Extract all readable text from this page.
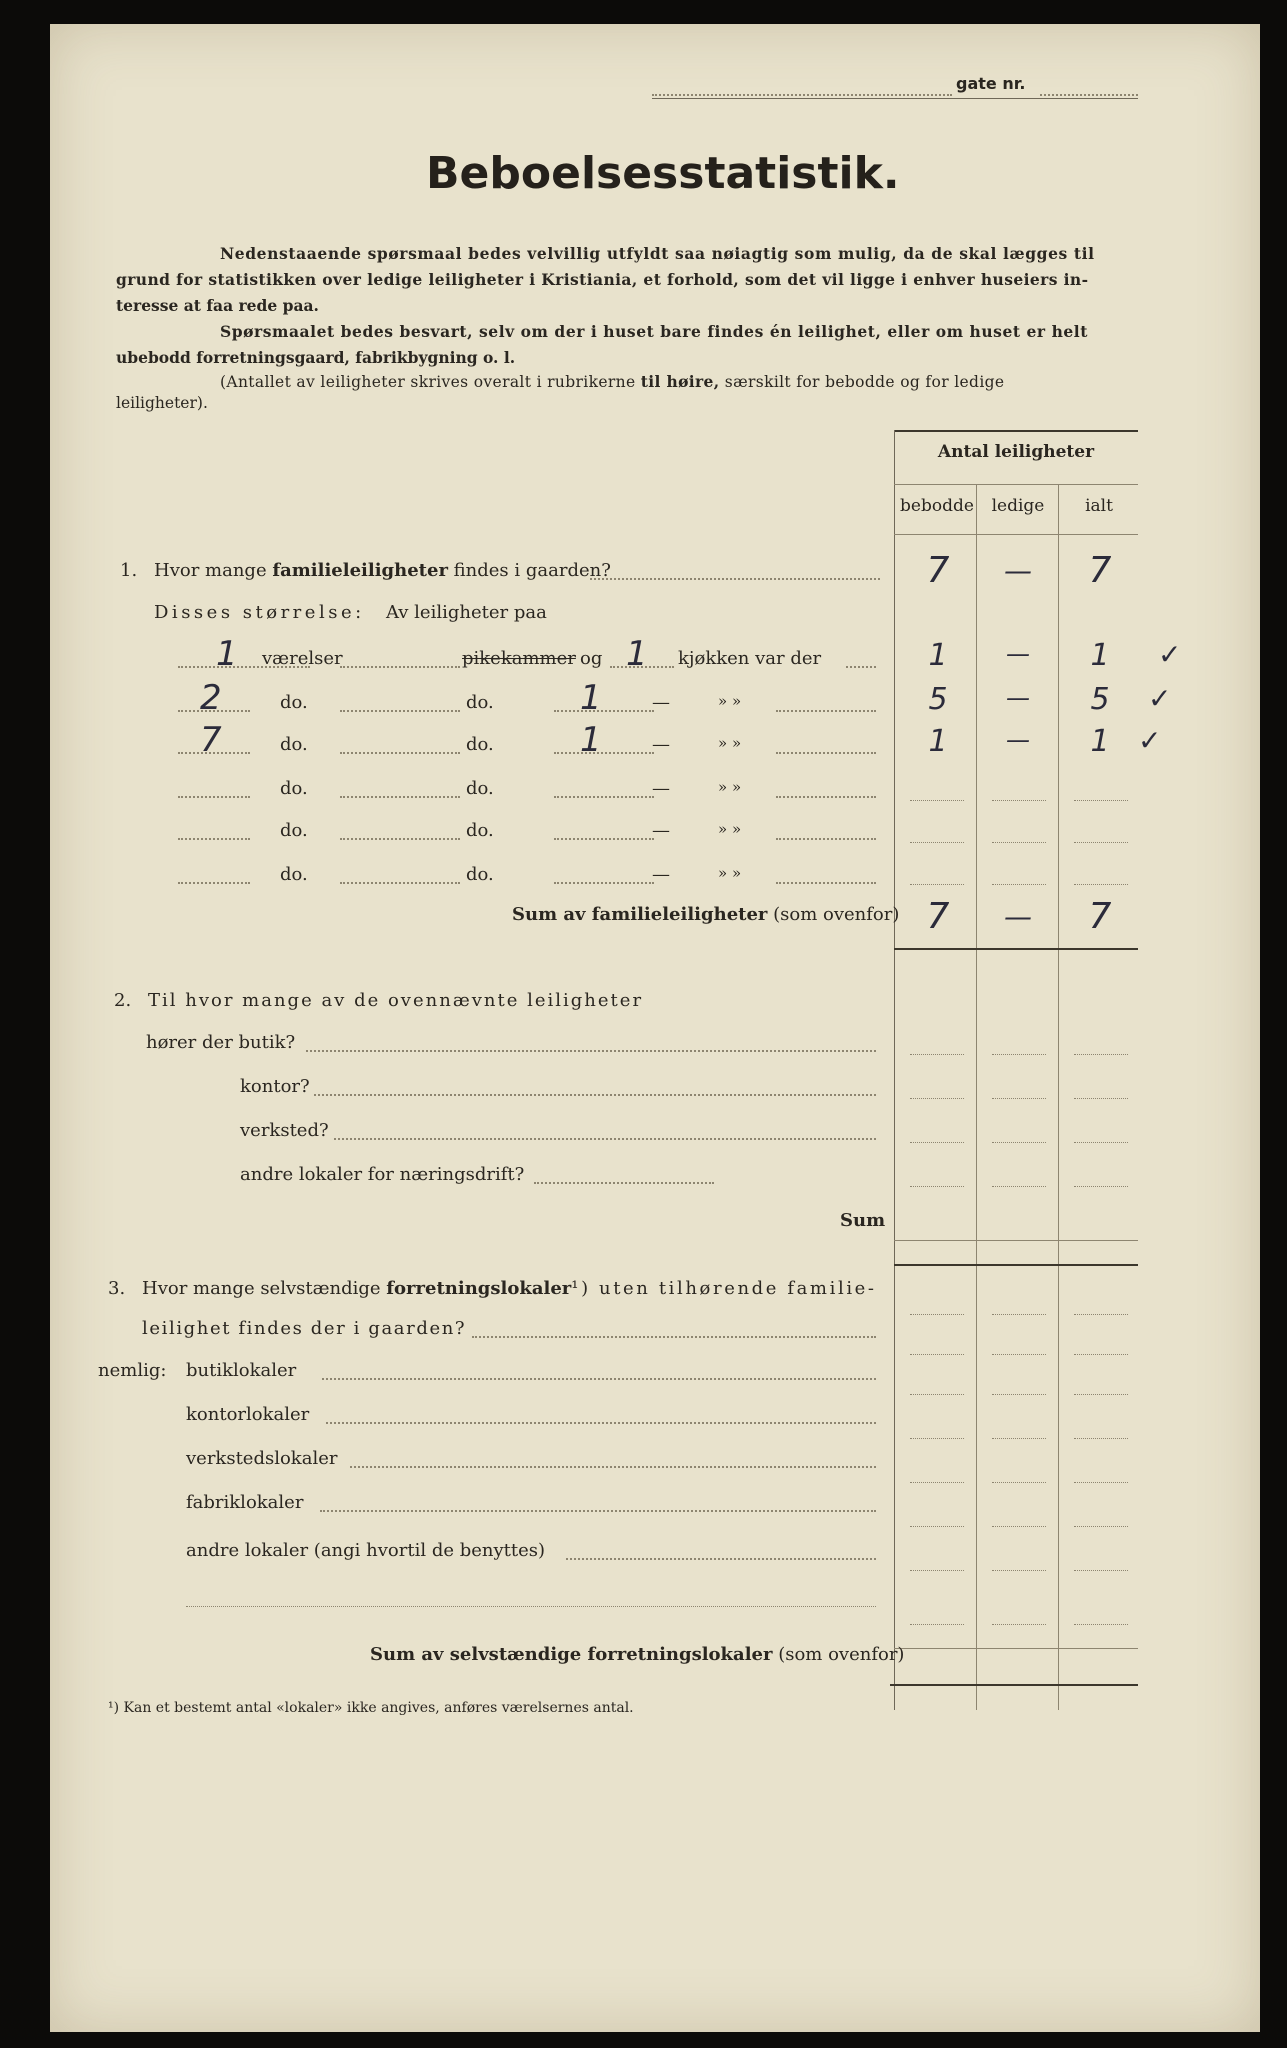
gate nr.
Beboelsesstatistik.
Nedenstaaende spørsmaal bedes velvillig utfyldt saa nøiagtig som mulig, da de skal lægges til
grund for statistikken over ledige leiligheter i Kristiania, et forhold, som det vil ligge i enhver huseiers in-
teresse at faa rede paa.
Spørsmaalet bedes besvart, selv om der i huset bare findes én leilighet, eller om huset er helt
ubebodd forretningsgaard, fabrikbygning o. l.
(Antallet av leiligheter skrives overalt i rubrikerne til høire, særskilt for bebodde og for ledige
leiligheter).
Antal leiligheter
bebodde	ledige	ialt
1. Hvor mange familieleiligheter findes i gaarden?	7	—	7
Disses størrelse: Av leiligheter paa
1 værelser	pikekammer og 1 kjøkken var der	1	—	1	✓
2	do.	do.	1	—	» »	5	—	5	✓
7	do.	do.	1	—	» »	1	—	1	✓
do.	do.	—	» »
do.	do.	—	» »
do.	do.	—	» »
Sum av familieleiligheter (som ovenfor) 7	—	7
2. Til hvor mange av de ovennævnte leiligheter
hører der butik?
kontor?
verksted?
andre lokaler for næringsdrift?
Sum
3. Hvor mange selvstændige forretningslokaler¹) uten tilhørende familie-
leilighet findes der i gaarden?
nemlig: butiklokaler
kontorlokaler
verkstedslokaler
fabriklokaler
andre lokaler (angi hvortil de benyttes)
Sum av selvstændige forretningslokaler (som ovenfor)
¹) Kan et bestemt antal «lokaler» ikke angives, anføres værelsernes antal.
